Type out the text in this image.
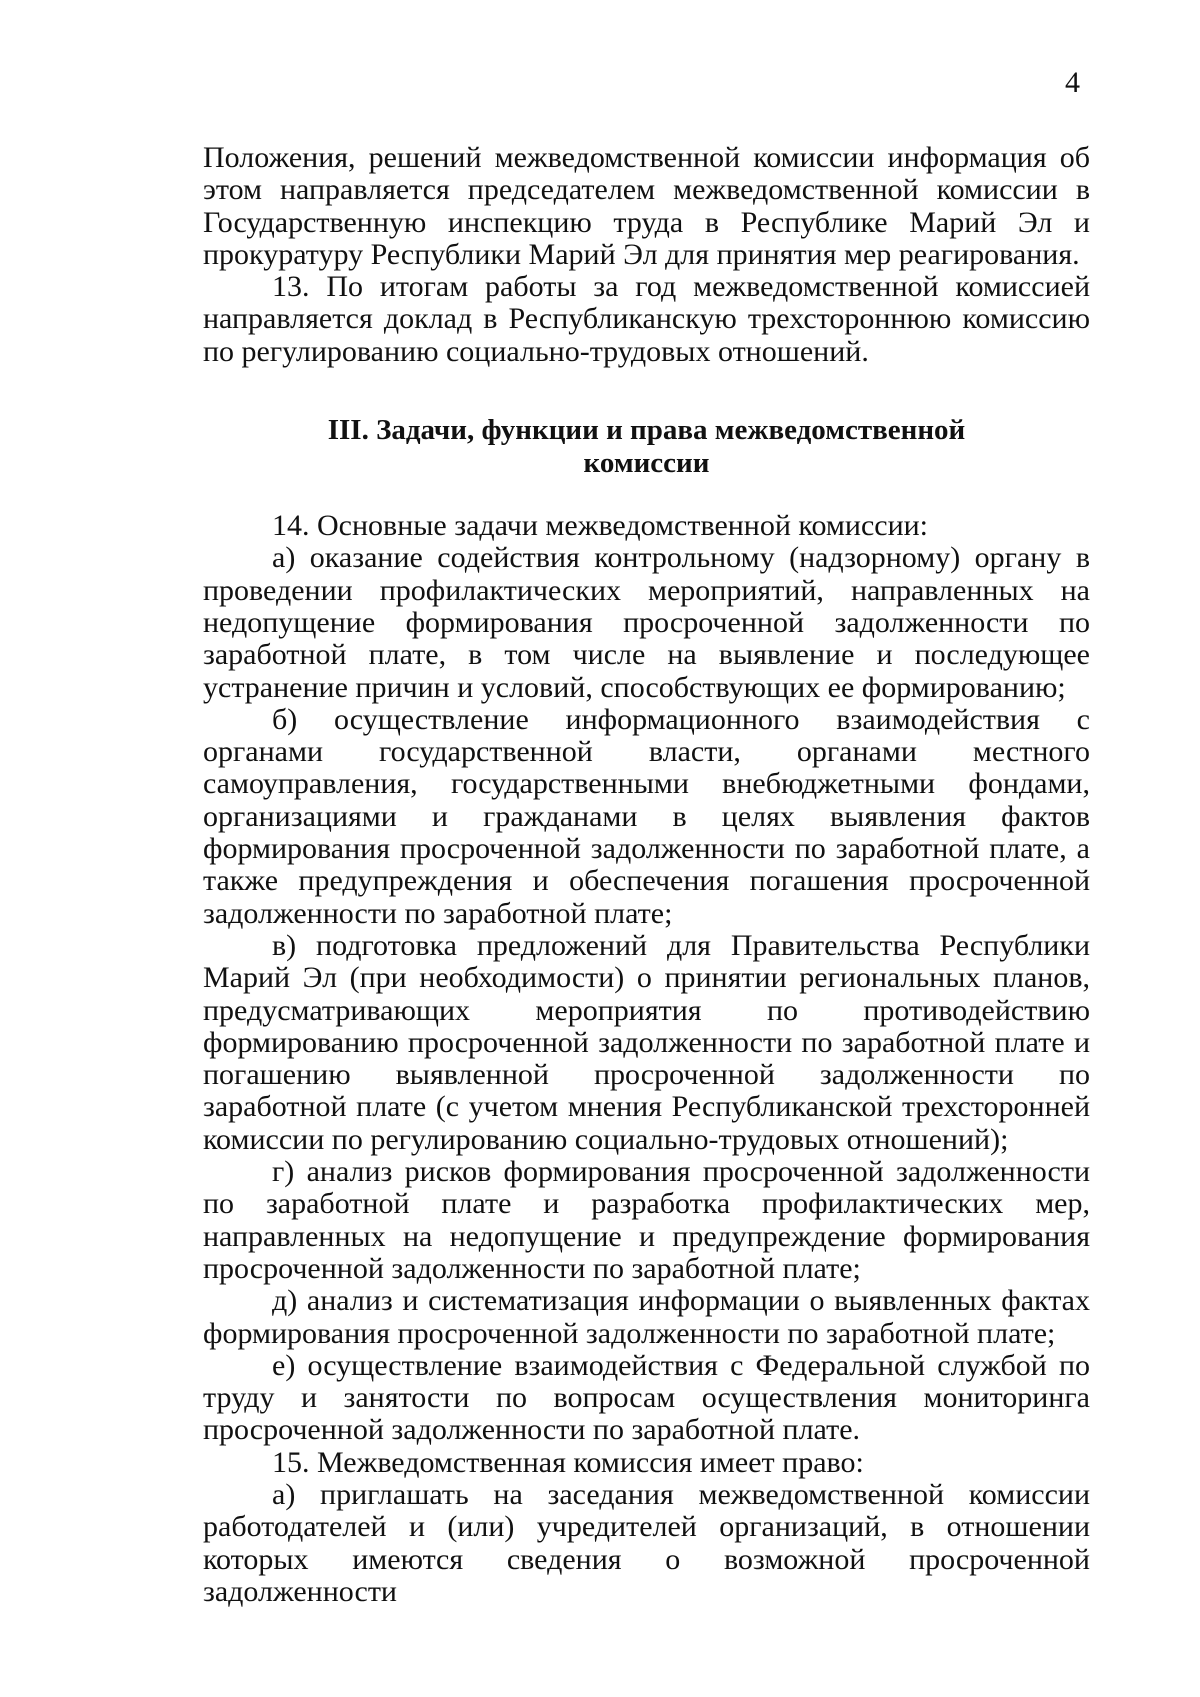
4

Положения, решений межведомственной комиссии информация об этом направляется председателем межведомственной комиссии в Государственную инспекцию труда в Республике Марий Эл и прокуратуру Республики Марий Эл для принятия мер реагирования.

13. По итогам работы за год межведомственной комиссией направляется доклад в Республиканскую трехстороннюю комиссию по регулированию социально-трудовых отношений.

III. Задачи, функции и права межведомственной
комиссии

14. Основные задачи межведомственной комиссии:

а) оказание содействия контрольному (надзорному) органу в проведении профилактических мероприятий, направленных на недопущение формирования просроченной задолженности по заработной плате, в том числе на выявление и последующее устранение причин и условий, способствующих ее формированию;

б) осуществление информационного взаимодействия с органами государственной власти, органами местного самоуправления, государственными внебюджетными фондами, организациями и гражданами в целях выявления фактов формирования просроченной задолженности по заработной плате, а также предупреждения и обеспечения погашения просроченной задолженности по заработной плате;

в) подготовка предложений для Правительства Республики Марий Эл (при необходимости) о принятии региональных планов, предусматривающих мероприятия по противодействию формированию просроченной задолженности по заработной плате и погашению выявленной просроченной задолженности по заработной плате (с учетом мнения Республиканской трехсторонней комиссии по регулированию социально-трудовых отношений);

г) анализ рисков формирования просроченной задолженности по заработной плате и разработка профилактических мер, направленных на недопущение и предупреждение формирования просроченной задолженности по заработной плате;

д) анализ и систематизация информации о выявленных фактах формирования просроченной задолженности по заработной плате;

е) осуществление взаимодействия с Федеральной службой по труду и занятости по вопросам осуществления мониторинга просроченной задолженности по заработной плате.

15. Межведомственная комиссия имеет право:

а) приглашать на заседания межведомственной комиссии работодателей и (или) учредителей организаций, в отношении которых имеются сведения о возможной просроченной задолженности
